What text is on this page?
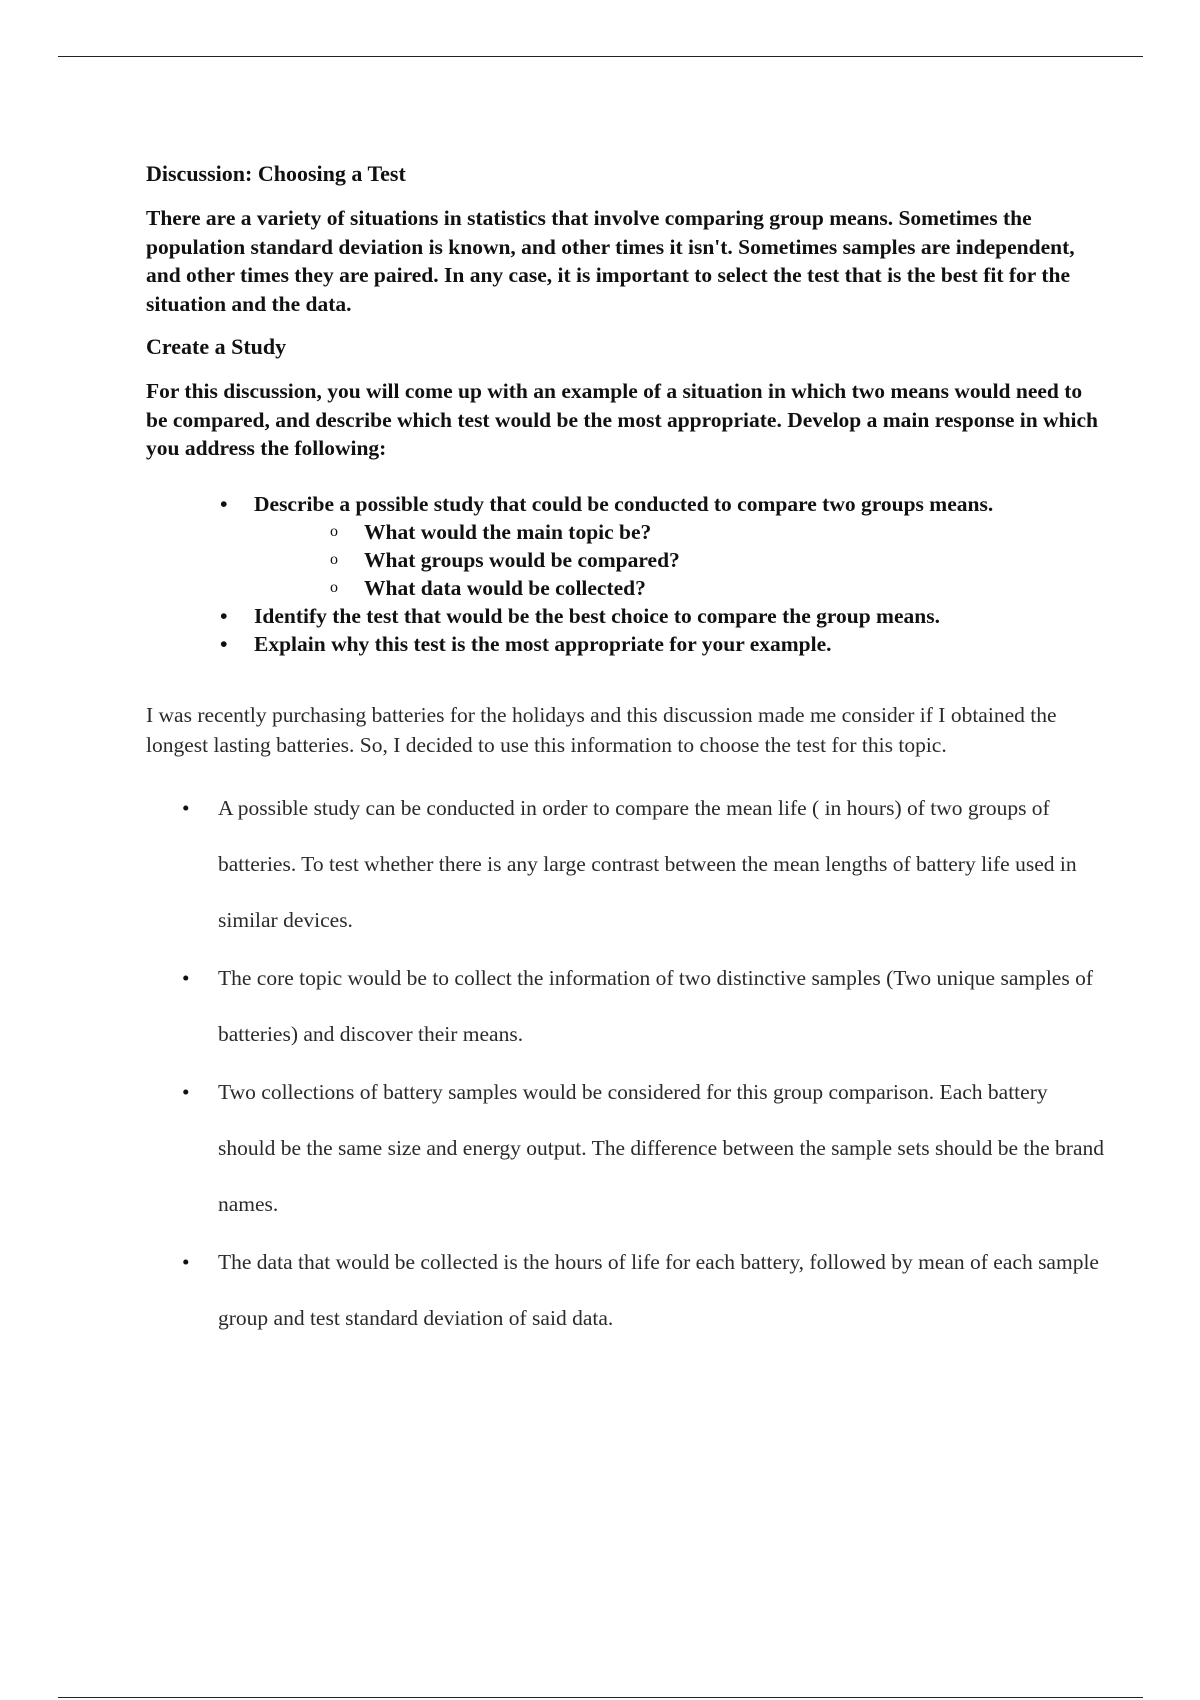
Discussion: Choosing a Test
There are a variety of situations in statistics that involve comparing group means. Sometimes the population standard deviation is known, and other times it isn't. Sometimes samples are independent, and other times they are paired. In any case, it is important to select the test that is the best fit for the situation and the data.
Create a Study
For this discussion, you will come up with an example of a situation in which two means would need to be compared, and describe which test would be the most appropriate. Develop a main response in which you address the following:
• Describe a possible study that could be conducted to compare two groups means.
o What would the main topic be?
o What groups would be compared?
o What data would be collected?
• Identify the test that would be the best choice to compare the group means.
• Explain why this test is the most appropriate for your example.
I was recently purchasing batteries for the holidays and this discussion made me consider if I obtained the longest lasting batteries. So, I decided to use this information to choose the test for this topic.
• A possible study can be conducted in order to compare the mean life ( in hours) of two groups of batteries. To test whether there is any large contrast between the mean lengths of battery life used in similar devices.
• The core topic would be to collect the information of two distinctive samples (Two unique samples of batteries) and discover their means.
• Two collections of battery samples would be considered for this group comparison. Each battery should be the same size and energy output. The difference between the sample sets should be the brand names.
• The data that would be collected is the hours of life for each battery, followed by mean of each sample group and test standard deviation of said data.
